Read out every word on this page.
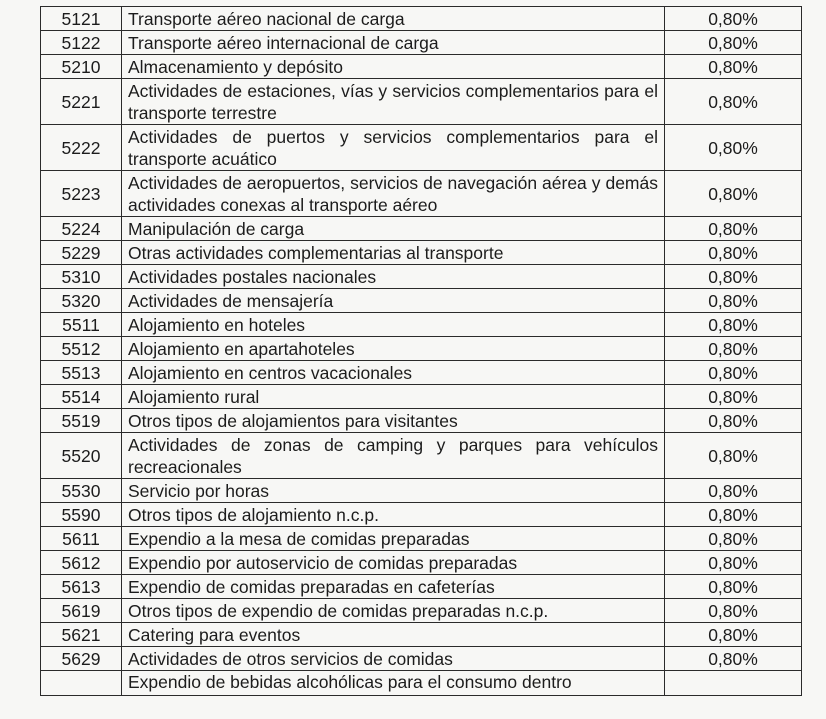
5121	Transporte aéreo nacional de carga	0,80%
5122	Transporte aéreo internacional de carga	0,80%
5210	Almacenamiento y depósito	0,80%
5221	Actividades de estaciones, vías y servicios complementarios para el transporte terrestre	0,80%
5222	Actividades de puertos y servicios complementarios para el transporte acuático	0,80%
5223	Actividades de aeropuertos, servicios de navegación aérea y demás actividades conexas al transporte aéreo	0,80%
5224	Manipulación de carga	0,80%
5229	Otras actividades complementarias al transporte	0,80%
5310	Actividades postales nacionales	0,80%
5320	Actividades de mensajería	0,80%
5511	Alojamiento en hoteles	0,80%
5512	Alojamiento en apartahoteles	0,80%
5513	Alojamiento en centros vacacionales	0,80%
5514	Alojamiento rural	0,80%
5519	Otros tipos de alojamientos para visitantes	0,80%
5520	Actividades de zonas de camping y parques para vehículos recreacionales	0,80%
5530	Servicio por horas	0,80%
5590	Otros tipos de alojamiento n.c.p.	0,80%
5611	Expendio a la mesa de comidas preparadas	0,80%
5612	Expendio por autoservicio de comidas preparadas	0,80%
5613	Expendio de comidas preparadas en cafeterías	0,80%
5619	Otros tipos de expendio de comidas preparadas n.c.p.	0,80%
5621	Catering para eventos	0,80%
5629	Actividades de otros servicios de comidas	0,80%
	Expendio de bebidas alcohólicas para el consumo dentro	
